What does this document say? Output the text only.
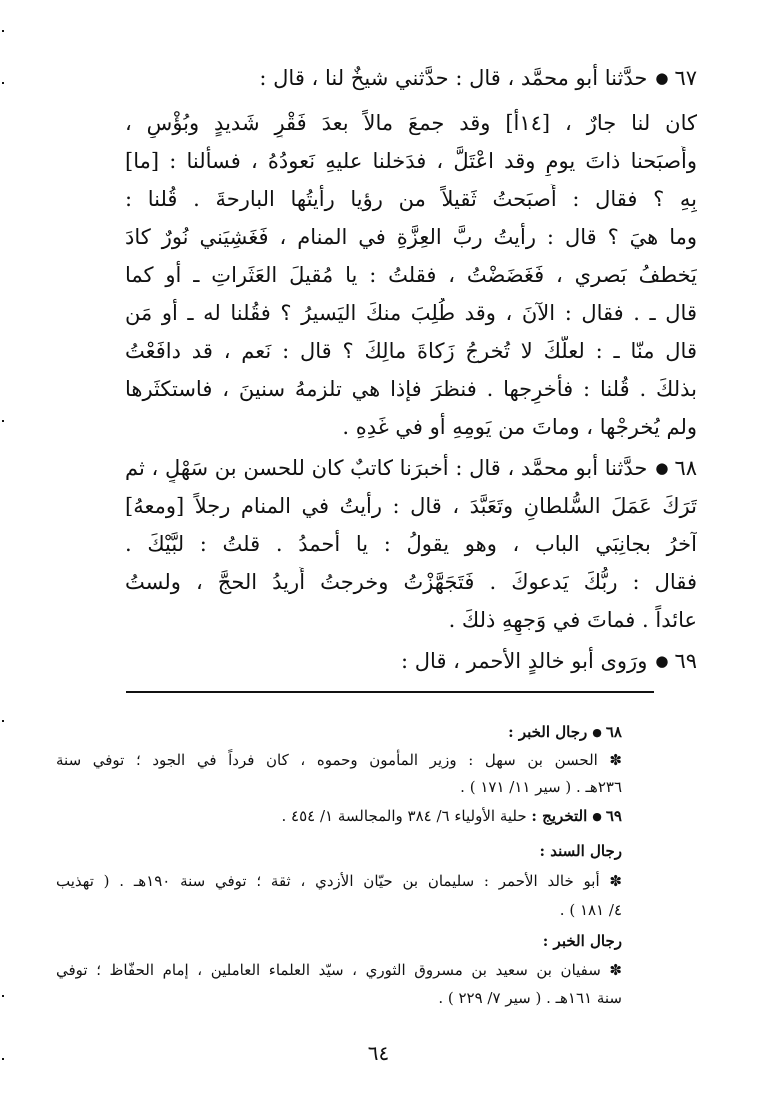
٦٧●حدَّثنا أبو محمَّد ، قال : حدَّثني شيخٌ لنا ، قال :
كان لنا جارٌ ، [١٤أ] وقد جمعَ مالاً بعدَ فَقْرٍ شَديدٍ وبُؤْسٍ ،
وأَصبَحنا ذاتَ يومٍ وقد اعْتَلَّ ، فدَخلنا عليهِ نَعودُهُ ، فسأَلنا : [ما]
بِهِ ؟ فقال : أَصبَحتُ ثَقيلاً من رؤيا رأيتُها البارحةَ . قُلنا :
وما هيَ ؟ قال : رأيتُ ربَّ العِزَّةِ في المنام ، فَغَشِيَني نُورٌ كادَ
يَخطفُ بَصري ، فَغَضَضْتُ ، فقلتُ : يا مُقيلَ العَثَراتِ ـ أو كما
قال ـ . فقال : الآنَ ، وقد طُلِبَ منكَ اليَسيرُ ؟ فقُلنا له ـ أو مَن
قال منّا ـ : لعلَّكَ لا تُخرجُ زَكاةَ مالِكَ ؟ قال : نَعم ، قد دافَعْتُ
بذلكَ . قُلنا : فأَخرِجها . فنظرَ فإذا هي تلزمهُ سنينَ ، فاستكثَرها
ولم يُخرجْها ، وماتَ من يَومِهِ أو في غَدِهِ .
٦٨●حدَّثنا أبو محمَّد ، قال : أخبرَنا كاتبٌ كان للحسن بن سَهْلٍ ، ثم
تَرَكَ عَمَلَ السُّلطانِ وتَعَبَّدَ ، قال : رأيتُ في المنام رجلاً [ومعهُ]
آخرُ بجانِبَي الباب ، وهو يقولُ : يا أحمدُ . قلتُ : لبَّيْكَ .
فقال : ربُّكَ يَدعوكَ . فَتَجَهَّزْتُ وخرجتُ أُريدُ الحجَّ ، ولستُ
عائداً . فماتَ في وَجهِهِ ذلكَ .
٦٩●ورَوى أبو خالدٍ الأحمر ، قال :
٦٨●رجال الخبر :
✽ الحسن بن سهل : وزير المأمون وحموه ، كان فرداً في الجود ؛ توفي سنة
٢٣٦هـ . ( سير ١١/ ١٧١ ) .
٦٩●التخريج : حلية الأولياء ٦/ ٣٨٤ والمجالسة ١/ ٤٥٤ .
رجال السند :
✽ أبو خالد الأحمر : سليمان بن حيّان الأزدي ، ثقة ؛ توفي سنة ١٩٠هـ . ( تهذيب
٤/ ١٨١ ) .
رجال الخبر :
✽ سفيان بن سعيد بن مسروق الثوري ، سيّد العلماء العاملين ، إمام الحفّاظ ؛ توفي
سنة ١٦١هـ . ( سير ٧/ ٢٢٩ ) .
٦٤
